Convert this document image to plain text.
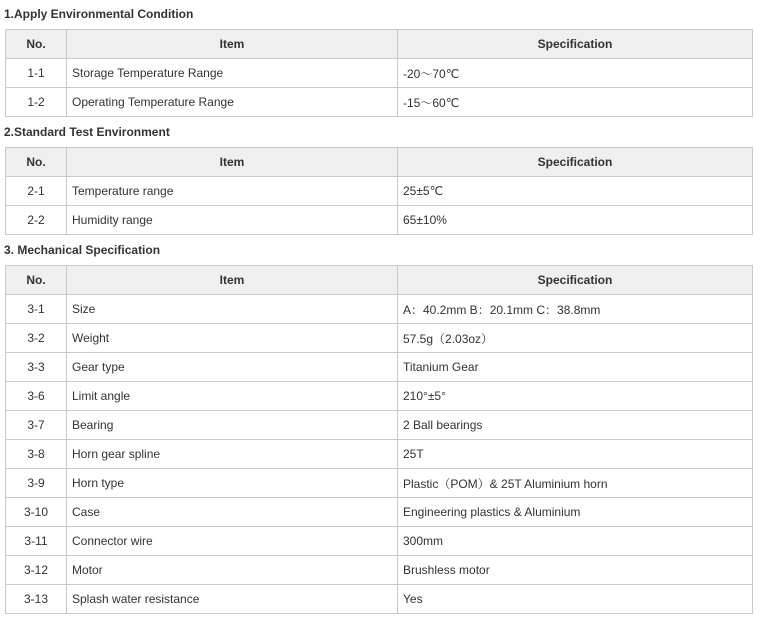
1.Apply Environmental Condition
No.	Item	Specification
1-1	Storage Temperature Range	-20～70℃
1-2	Operating Temperature Range	-15～60℃
2.Standard Test Environment
No.	Item	Specification
2-1	Temperature range	25±5℃
2-2	Humidity range	65±10%
3. Mechanical Specification
No.	Item	Specification
3-1	Size	A：40.2mm B：20.1mm C：38.8mm
3-2	Weight	57.5g（2.03oz）
3-3	Gear type	Titanium Gear
3-6	Limit angle	210°±5°
3-7	Bearing	2 Ball bearings
3-8	Horn gear spline	25T
3-9	Horn type	Plastic（POM）& 25T Aluminium horn
3-10	Case	Engineering plastics & Aluminium
3-11	Connector wire	300mm
3-12	Motor	Brushless motor
3-13	Splash water resistance	Yes
